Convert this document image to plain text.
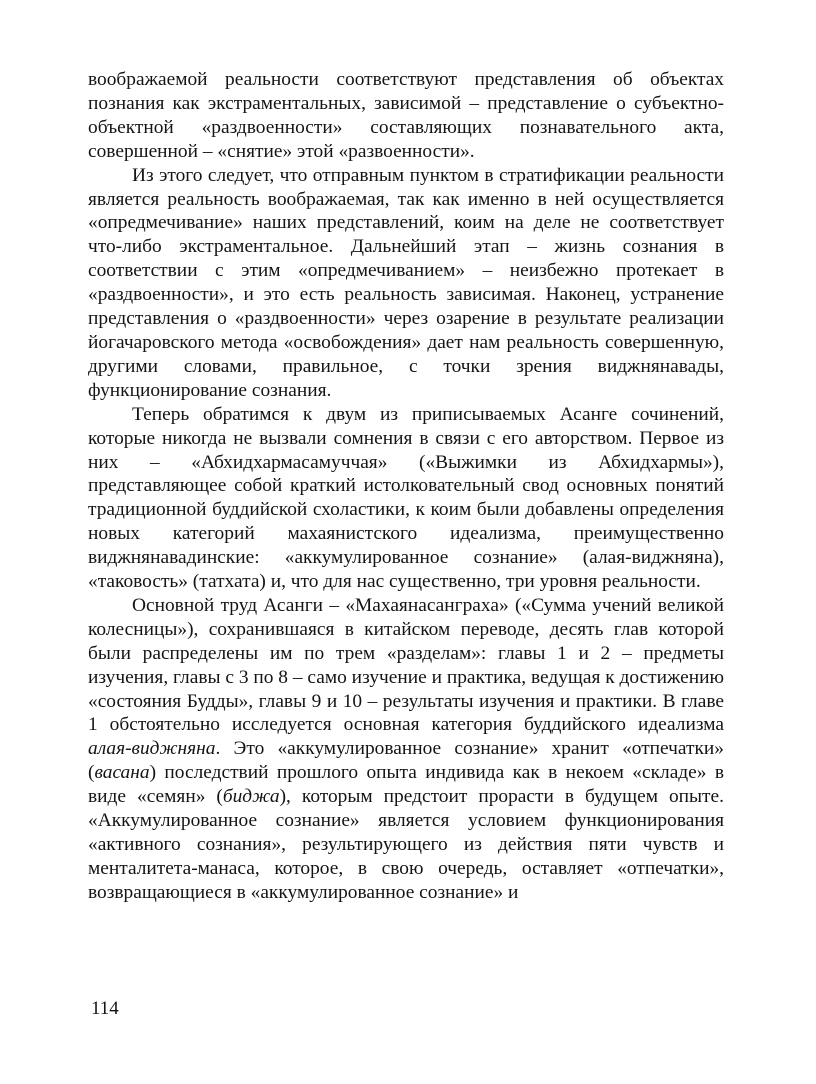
воображаемой реальности соответствуют представления об объектах познания как экстраментальных, зависимой – представление о субъектно-объектной «раздвоенности» составляющих познавательного акта, совершенной – «снятие» этой «развоенности».

Из этого следует, что отправным пунктом в стратификации реальности является реальность воображаемая, так как именно в ней осуществляется «опредмечивание» наших представлений, коим на деле не соответствует что-либо экстраментальное. Дальнейший этап – жизнь сознания в соответствии с этим «опредмечиванием» – неизбежно протекает в «раздвоенности», и это есть реальность зависимая. Наконец, устранение представления о «раздвоенности» через озарение в результате реализации йогачаровского метода «освобождения» дает нам реальность совершенную, другими словами, правильное, с точки зрения виджнянавады, функционирование сознания.

Теперь обратимся к двум из приписываемых Асанге сочинений, которые никогда не вызвали сомнения в связи с его авторством. Первое из них – «Абхидхармасамуччая» («Выжимки из Абхидхармы»), представляющее собой краткий истолковательный свод основных понятий традиционной буддийской схоластики, к коим были добавлены определения новых категорий махаянистского идеализма, преимущественно виджнянавадинские: «аккумулированное сознание» (алая-виджняна), «таковость» (татхата) и, что для нас существенно, три уровня реальности.

Основной труд Асанги – «Махаянасанграха» («Сумма учений великой колесницы»), сохранившаяся в китайском переводе, десять глав которой были распределены им по трем «разделам»: главы 1 и 2 – предметы изучения, главы с 3 по 8 – само изучение и практика, ведущая к достижению «состояния Будды», главы 9 и 10 – результаты изучения и практики. В главе 1 обстоятельно исследуется основная категория буддийского идеализма алая-виджняна. Это «аккумулированное сознание» хранит «отпечатки» (васана) последствий прошлого опыта индивида как в некоем «складе» в виде «семян» (биджа), которым предстоит прорасти в будущем опыте. «Аккумулированное сознание» является условием функционирования «активного сознания», результирующего из действия пяти чувств и менталитета-манаса, которое, в свою очередь, оставляет «отпечатки», возвращающиеся в «аккумулированное сознание» и

114
